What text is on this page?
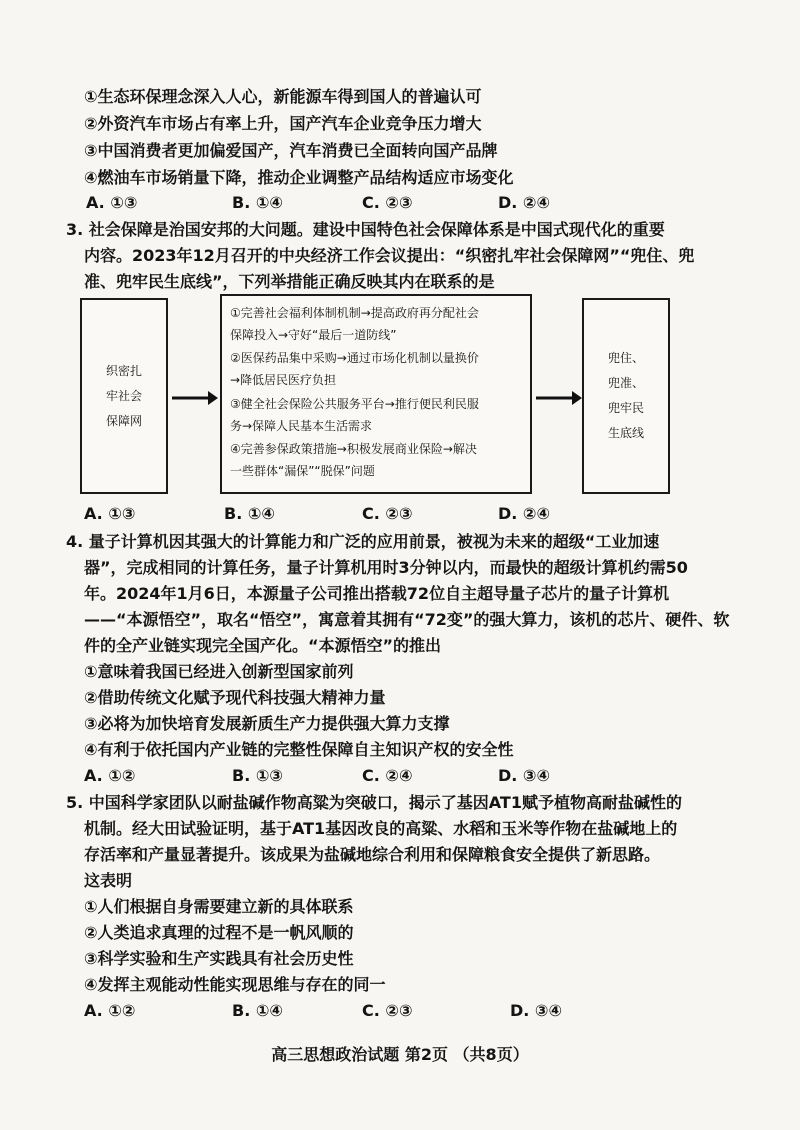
①生态环保理念深入人心，新能源车得到国人的普遍认可
②外资汽车市场占有率上升，国产汽车企业竞争压力增大
③中国消费者更加偏爱国产，汽车消费已全面转向国产品牌
④燃油车市场销量下降，推动企业调整产品结构适应市场变化
A. ①③	B. ①④	C. ②③	D. ②④
3. 社会保障是治国安邦的大问题。建设中国特色社会保障体系是中国式现代化的重要
内容。2023年12月召开的中央经济工作会议提出：“织密扎牢社会保障网”“兜住、兜
准、兜牢民生底线”，下列举措能正确反映其内在联系的是
织密扎
牢社会
保障网
①完善社会福利体制机制→提高政府再分配社会
保障投入→守好“最后一道防线”
②医保药品集中采购→通过市场化机制以量换价
→降低居民医疗负担
③健全社会保险公共服务平台→推行便民利民服
务→保障人民基本生活需求
④完善参保政策措施→积极发展商业保险→解决
一些群体“漏保”“脱保”问题
兜住、
兜准、
兜牢民
生底线
A. ①③	B. ①④	C. ②③	D. ②④
4. 量子计算机因其强大的计算能力和广泛的应用前景，被视为未来的超级“工业加速
器”，完成相同的计算任务，量子计算机用时3分钟以内，而最快的超级计算机约需50
年。2024年1月6日，本源量子公司推出搭载72位自主超导量子芯片的量子计算机
——“本源悟空”，取名“悟空”，寓意着其拥有“72变”的强大算力，该机的芯片、硬件、软
件的全产业链实现完全国产化。“本源悟空”的推出
①意味着我国已经进入创新型国家前列
②借助传统文化赋予现代科技强大精神力量
③必将为加快培育发展新质生产力提供强大算力支撑
④有利于依托国内产业链的完整性保障自主知识产权的安全性
A. ①②	B. ①③	C. ②④	D. ③④
5. 中国科学家团队以耐盐碱作物高粱为突破口，揭示了基因AT1赋予植物高耐盐碱性的
机制。经大田试验证明，基于AT1基因改良的高粱、水稻和玉米等作物在盐碱地上的
存活率和产量显著提升。该成果为盐碱地综合利用和保障粮食安全提供了新思路。
这表明
①人们根据自身需要建立新的具体联系
②人类追求真理的过程不是一帆风顺的
③科学实验和生产实践具有社会历史性
④发挥主观能动性能实现思维与存在的同一
A. ①②	B. ①④	C. ②③	D. ③④
高三思想政治试题 第2页 （共8页）
